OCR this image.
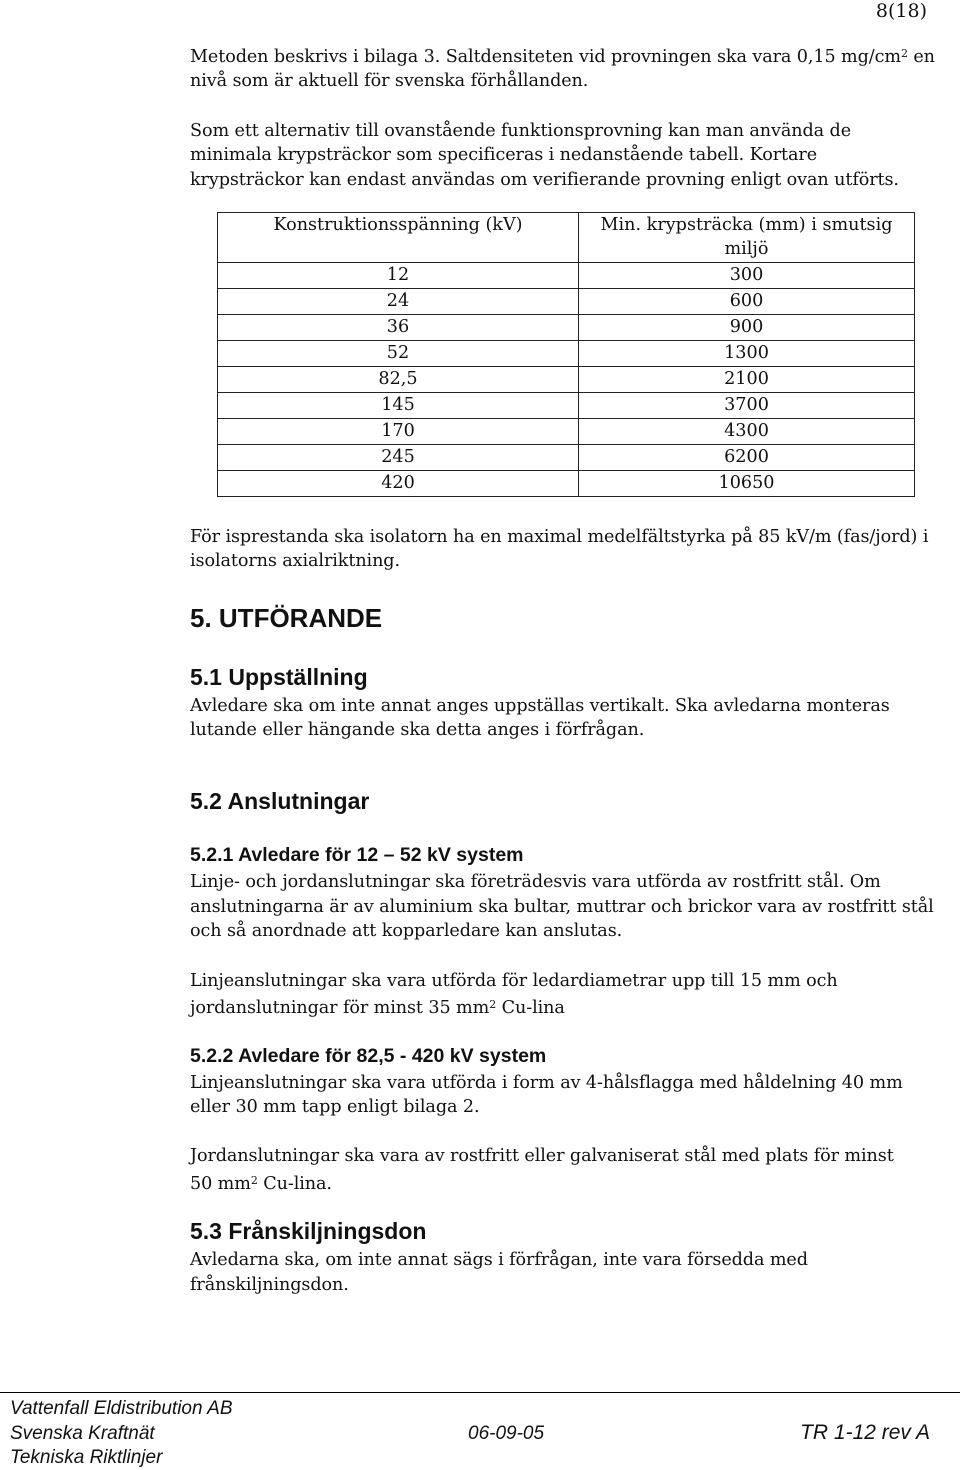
8(18)

Metoden beskrivs i bilaga 3. Saltdensiteten vid provningen ska vara 0,15 $mg/cm^2$ en nivå som är aktuell för svenska förhållanden.

Som ett alternativ till ovanstående funktionsprovning kan man använda de minimala krypsträckor som specificeras i nedanstående tabell. Kortare krypsträckor kan endast användas om verifierande provning enligt ovan utförts.

Konstruktionsspänning (kV)	Min. krypsträcka (mm) i smutsig miljö
12	300
24	600
36	900
52	1300
82,5	2100
145	3700
170	4300
245	6200
420	10650

För isprestanda ska isolatorn ha en maximal medelfältstyrka på 85 kV/m (fas/jord) i isolatorns axialriktning.

5. UTFÖRANDE
5.1 Uppställning

Avledare ska om inte annat anges uppställas vertikalt. Ska avledarna monteras lutande eller hängande ska detta anges i förfrågan.

5.2 Anslutningar
5.2.1 Avledare för 12 – 52 kV system

Linje- och jordanslutningar ska företrädesvis vara utförda av rostfritt stål. Om anslutningarna är av aluminium ska bultar, muttrar och brickor vara av rostfritt stål och så anordnade att kopparledare kan anslutas.

Linjeanslutningar ska vara utförda för ledardiametrar upp till 15 mm och jordanslutningar för minst 35 $mm^2$ Cu-lina

5.2.2 Avledare för 82,5 - 420 kV system

Linjeanslutningar ska vara utförda i form av 4-hålsflagga med håldelning 40 mm eller 30 mm tapp enligt bilaga 2.

Jordanslutningar ska vara av rostfritt eller galvaniserat stål med plats för minst

50 $mm^2$ Cu-lina.

5.3 Frånskiljningsdon

Avledarna ska, om inte annat sägs i förfrågan, inte vara försedda med frånskiljningsdon.

Vattenfall Eldistribution AB
Svenska Kraftnät
Tekniska Riktlinjer
06-09-05	TR 1-12 rev A
